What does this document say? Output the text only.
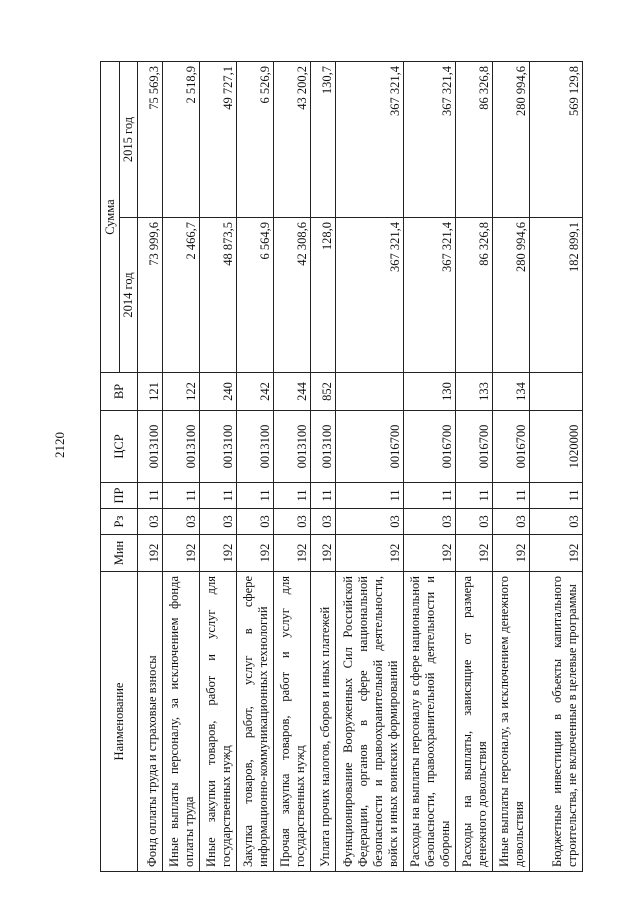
2120
Наименование	Мин	Рз	ПР	ЦСР	ВР	Сумма	
						2014 год	2015 год
Фонд оплаты труда и страховые взносы	192	03	11	0013100	121	73 999,6	75 569,3
Иные выплаты персоналу, за исключением фонда оплаты труда	192	03	11	0013100	122	2 466,7	2 518,9
Иные закупки товаров, работ и услуг для государственных нужд	192	03	11	0013100	240	48 873,5	49 727,1
Закупка товаров, работ, услуг в сфере информационно-коммуникационных технологий	192	03	11	0013100	242	6 564,9	6 526,9
Прочая закупка товаров, работ и услуг для государственных нужд	192	03	11	0013100	244	42 308,6	43 200,2
Уплата прочих налогов, сборов и иных платежей	192	03	11	0013100	852	128,0	130,7
Функционирование Вооруженных Сил Российской Федерации, органов в сфере национальной безопасности и правоохранительной деятельности, войск и иных воинских формирований	192	03	11	0016700		367 321,4	367 321,4
Расходы на выплаты персоналу в сфере национальной безопасности, правоохранительной деятельности и обороны	192	03	11	0016700	130	367 321,4	367 321,4
Расходы на выплаты, зависящие от размера денежного довольствия	192	03	11	0016700	133	86 326,8	86 326,8
Иные выплаты персоналу, за исключением денежного довольствия	192	03	11	0016700	134	280 994,6	280 994,6
Бюджетные инвестиции в объекты капитального строительства, не включенные в целевые программы	192	03	11	1020000		182 899,1	569 129,8
